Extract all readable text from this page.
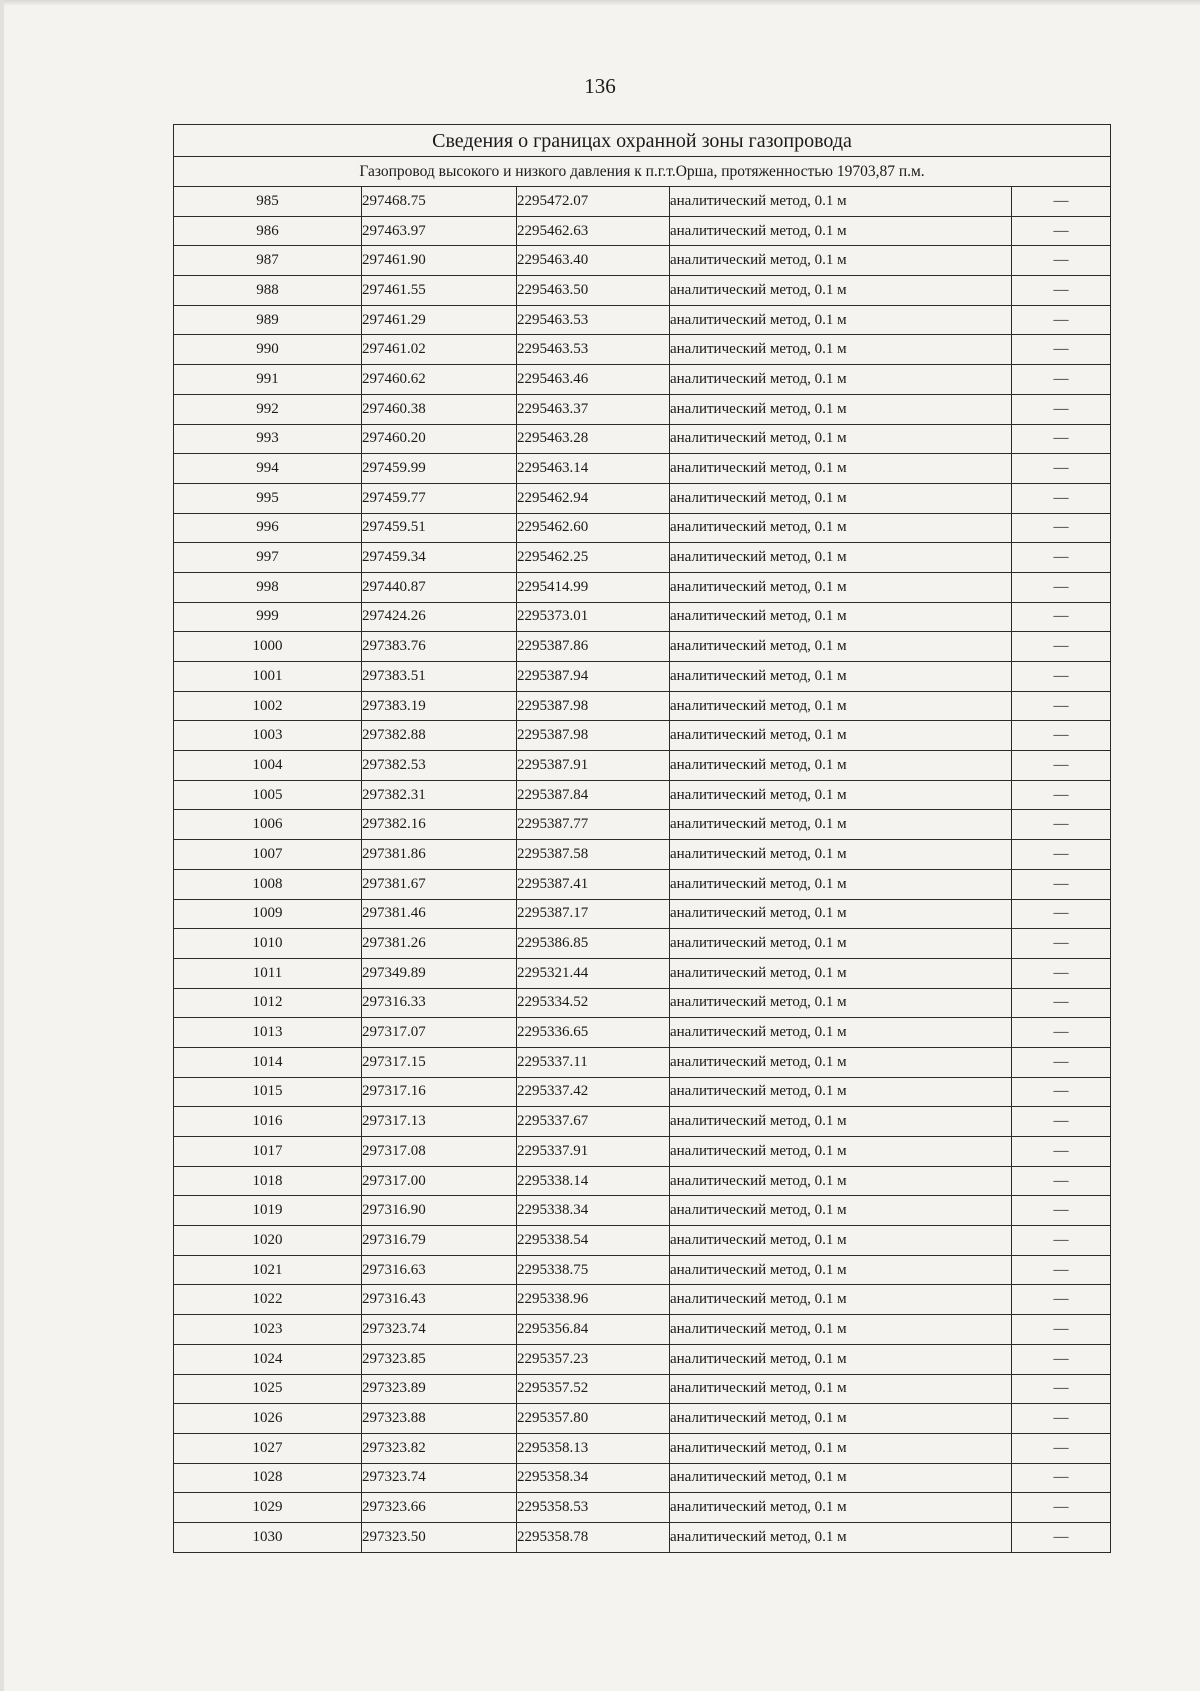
136
Сведения о границах охранной зоны газопровода				
Газопровод высокого и низкого давления к п.г.т.Орша, протяженностью 19703,87 п.м.				
985	297468.75	2295472.07	аналитический метод, 0.1 м	—
986	297463.97	2295462.63	аналитический метод, 0.1 м	—
987	297461.90	2295463.40	аналитический метод, 0.1 м	—
988	297461.55	2295463.50	аналитический метод, 0.1 м	—
989	297461.29	2295463.53	аналитический метод, 0.1 м	—
990	297461.02	2295463.53	аналитический метод, 0.1 м	—
991	297460.62	2295463.46	аналитический метод, 0.1 м	—
992	297460.38	2295463.37	аналитический метод, 0.1 м	—
993	297460.20	2295463.28	аналитический метод, 0.1 м	—
994	297459.99	2295463.14	аналитический метод, 0.1 м	—
995	297459.77	2295462.94	аналитический метод, 0.1 м	—
996	297459.51	2295462.60	аналитический метод, 0.1 м	—
997	297459.34	2295462.25	аналитический метод, 0.1 м	—
998	297440.87	2295414.99	аналитический метод, 0.1 м	—
999	297424.26	2295373.01	аналитический метод, 0.1 м	—
1000	297383.76	2295387.86	аналитический метод, 0.1 м	—
1001	297383.51	2295387.94	аналитический метод, 0.1 м	—
1002	297383.19	2295387.98	аналитический метод, 0.1 м	—
1003	297382.88	2295387.98	аналитический метод, 0.1 м	—
1004	297382.53	2295387.91	аналитический метод, 0.1 м	—
1005	297382.31	2295387.84	аналитический метод, 0.1 м	—
1006	297382.16	2295387.77	аналитический метод, 0.1 м	—
1007	297381.86	2295387.58	аналитический метод, 0.1 м	—
1008	297381.67	2295387.41	аналитический метод, 0.1 м	—
1009	297381.46	2295387.17	аналитический метод, 0.1 м	—
1010	297381.26	2295386.85	аналитический метод, 0.1 м	—
1011	297349.89	2295321.44	аналитический метод, 0.1 м	—
1012	297316.33	2295334.52	аналитический метод, 0.1 м	—
1013	297317.07	2295336.65	аналитический метод, 0.1 м	—
1014	297317.15	2295337.11	аналитический метод, 0.1 м	—
1015	297317.16	2295337.42	аналитический метод, 0.1 м	—
1016	297317.13	2295337.67	аналитический метод, 0.1 м	—
1017	297317.08	2295337.91	аналитический метод, 0.1 м	—
1018	297317.00	2295338.14	аналитический метод, 0.1 м	—
1019	297316.90	2295338.34	аналитический метод, 0.1 м	—
1020	297316.79	2295338.54	аналитический метод, 0.1 м	—
1021	297316.63	2295338.75	аналитический метод, 0.1 м	—
1022	297316.43	2295338.96	аналитический метод, 0.1 м	—
1023	297323.74	2295356.84	аналитический метод, 0.1 м	—
1024	297323.85	2295357.23	аналитический метод, 0.1 м	—
1025	297323.89	2295357.52	аналитический метод, 0.1 м	—
1026	297323.88	2295357.80	аналитический метод, 0.1 м	—
1027	297323.82	2295358.13	аналитический метод, 0.1 м	—
1028	297323.74	2295358.34	аналитический метод, 0.1 м	—
1029	297323.66	2295358.53	аналитический метод, 0.1 м	—
1030	297323.50	2295358.78	аналитический метод, 0.1 м	—
